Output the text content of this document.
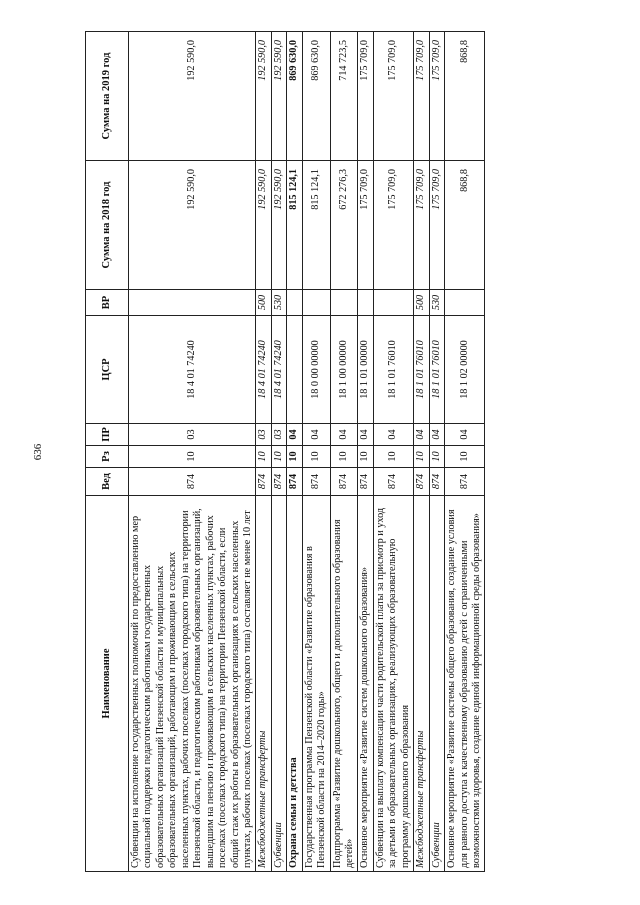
636
Наименование	Вед	Рз	ПР	ЦСР	ВР	Сумма на 2018 год	Сумма на 2019 год
Субвенции на исполнение государственных полномочий по предоставлению мер социальной поддержки педагогическим работникам государственных образовательных организаций Пензенской области и муниципальных образовательных организаций, работающим и проживающим в сельских населенных пунктах, рабочих поселках (поселках городского типа) на территории Пензенской области, и педагогическим работникам образовательных организаций, вышедшим на пенсию и проживающим в сельских населенных пунктах, рабочих поселках (поселках городского типа) на территории Пензенской области, если общий стаж их работы в образовательных организациях в сельских населенных пунктах, рабочих поселках (поселках городского типа) составляет не менее 10 лет	874	10	03	18 4 01 74240		192 590,0	192 590,0
Межбюджетные трансферты	874	10	03	18 4 01 74240	500	192 590,0	192 590,0
Субвенции	874	10	03	18 4 01 74240	530	192 590,0	192 590,0
Охрана семьи и детства	874	10	04			815 124,1	869 630,0
Государственная программа Пензенской области «Развитие образования в Пензенской области на 2014–2020 годы»	874	10	04	18 0 00 00000		815 124,1	869 630,0
Подпрограмма «Развитие дошкольного, общего и дополнительного образования детей»	874	10	04	18 1 00 00000		672 276,3	714 723,5
Основное мероприятие «Развитие систем дошкольного образования»	874	10	04	18 1 01 00000		175 709,0	175 709,0
Субвенции на выплату компенсации части родительской платы за присмотр и уход за детьми в образовательных организациях, реализующих образовательную программу дошкольного образования	874	10	04	18 1 01 76010		175 709,0	175 709,0
Межбюджетные трансферты	874	10	04	18 1 01 76010	500	175 709,0	175 709,0
Субвенции	874	10	04	18 1 01 76010	530	175 709,0	175 709,0
Основное мероприятие «Развитие системы общего образования, создание условия для равного доступа к качественному образованию детей с ограниченными возможностями здоровья, создание единой информационной среды образования»	874	10	04	18 1 02 00000		868,8	868,8
